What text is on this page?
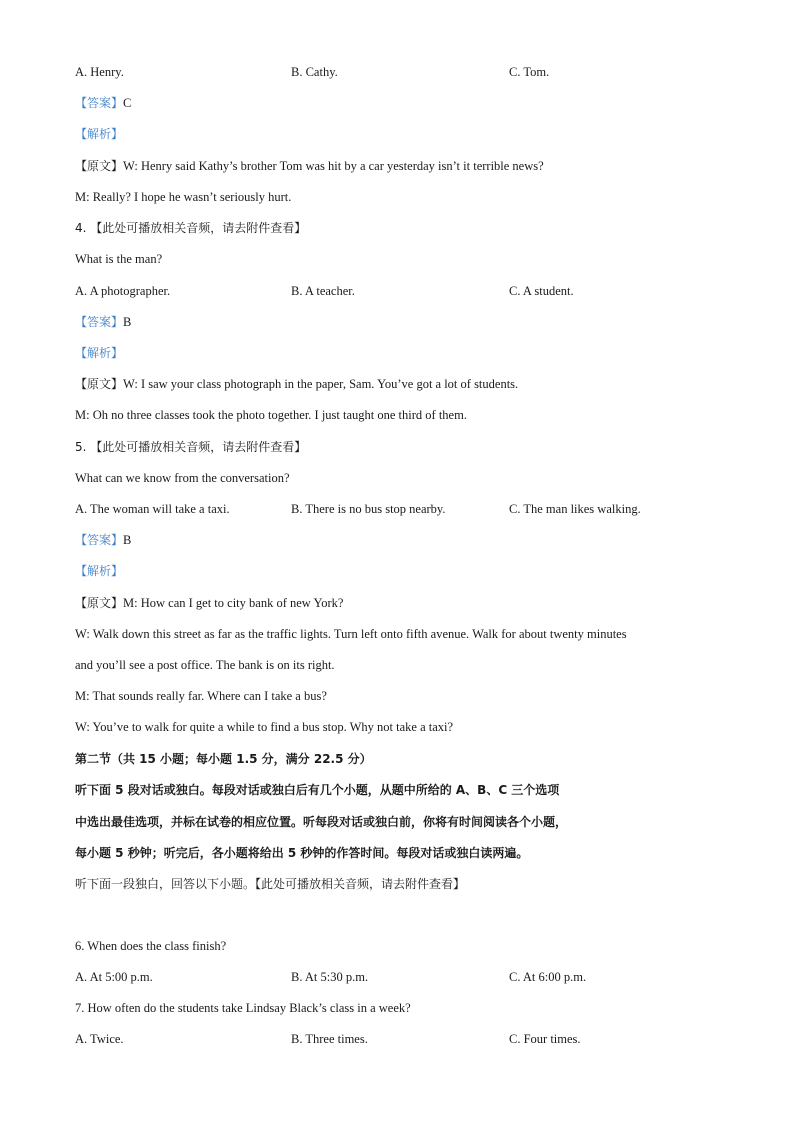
A. Henry.	B. Cathy.	C. Tom.
【答案】C
【解析】
【原文】W: Henry said Kathy’s brother Tom was hit by a car yesterday isn’t it terrible news?
M: Really? I hope he wasn’t seriously hurt.
4. 【此处可播放相关音频，请去附件查看】
What is the man?
A. A photographer.	B. A teacher.	C. A student.
【答案】B
【解析】
【原文】W: I saw your class photograph in the paper, Sam. You’ve got a lot of students.
M: Oh no three classes took the photo together. I just taught one third of them.
5. 【此处可播放相关音频，请去附件查看】
What can we know from the conversation?
A. The woman will take a taxi.	B. There is no bus stop nearby.	C. The man likes walking.
【答案】B
【解析】
【原文】M: How can I get to city bank of new York?
W: Walk down this street as far as the traffic lights. Turn left onto fifth avenue. Walk for about twenty minutes
and you’ll see a post office. The bank is on its right.
M: That sounds really far. Where can I take a bus?
W: You’ve to walk for quite a while to find a bus stop. Why not take a taxi?
第二节（共 15 小题；每小题 1.5 分，满分 22.5 分）
听下面 5 段对话或独白。每段对话或独白后有几个小题，从题中所给的 A、B、C 三个选项
中选出最佳选项，并标在试卷的相应位置。听每段对话或独白前，你将有时间阅读各个小题，
每小题 5 秒钟；听完后，各小题将给出 5 秒钟的作答时间。每段对话或独白读两遍。
听下面一段独白，回答以下小题。【此处可播放相关音频，请去附件查看】
6. When does the class finish?
A. At 5:00 p.m.	B. At 5:30 p.m.	C. At 6:00 p.m.
7. How often do the students take Lindsay Black’s class in a week?
A. Twice.	B. Three times.	C. Four times.
